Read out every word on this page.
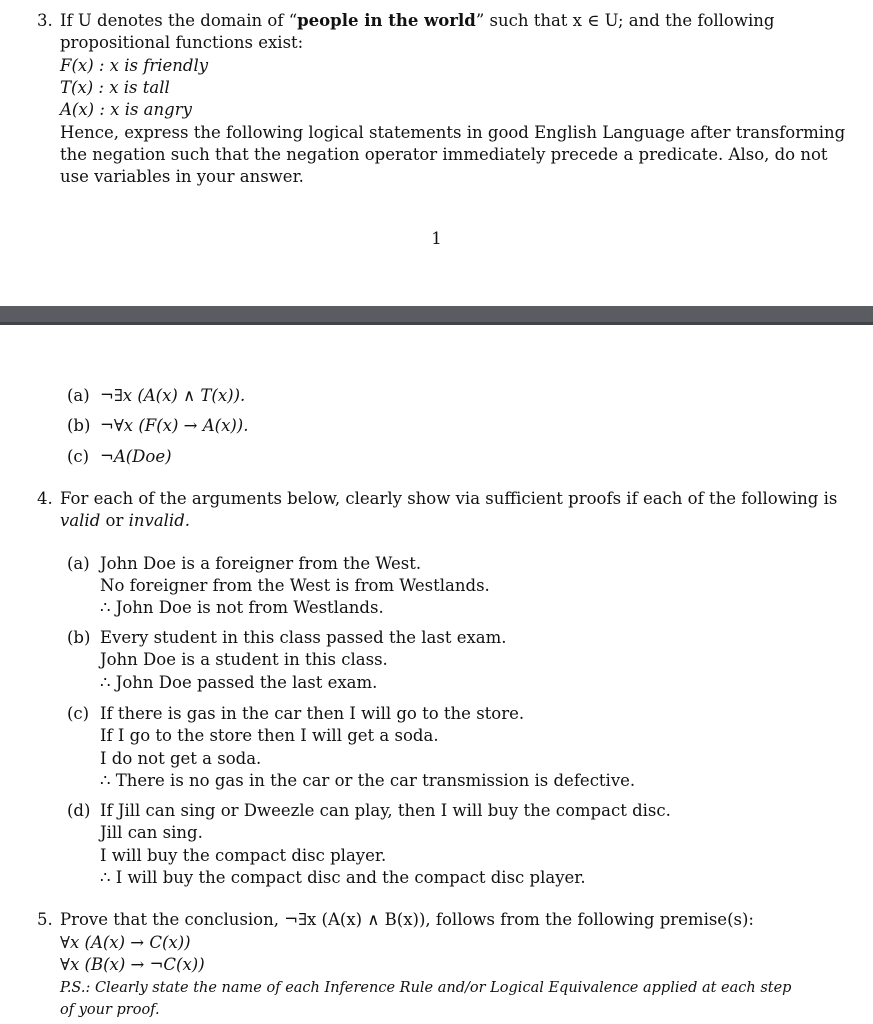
3. If U denotes the domain of “people in the world” such that x ∈ U; and the following
propositional functions exist:
F(x) : x is friendly
T(x) : x is tall
A(x) : x is angry
Hence, express the following logical statements in good English Language after transforming
the negation such that the negation operator immediately precede a predicate. Also, do not
use variables in your answer.
1
(a) ¬∃x (A(x) ∧ T(x)).
(b) ¬∀x (F(x) → A(x)).
(c) ¬A(Doe)
4. For each of the arguments below, clearly show via sufficient proofs if each of the following is
valid or invalid.
(a) John Doe is a foreigner from the West.
No foreigner from the West is from Westlands.
∴ John Doe is not from Westlands.
(b) Every student in this class passed the last exam.
John Doe is a student in this class.
∴ John Doe passed the last exam.
(c) If there is gas in the car then I will go to the store.
If I go to the store then I will get a soda.
I do not get a soda.
∴ There is no gas in the car or the car transmission is defective.
(d) If Jill can sing or Dweezle can play, then I will buy the compact disc.
Jill can sing.
I will buy the compact disc player.
∴ I will buy the compact disc and the compact disc player.
5. Prove that the conclusion, ¬∃x (A(x) ∧ B(x)), follows from the following premise(s):
∀x (A(x) → C(x))
∀x (B(x) → ¬C(x))
P.S.: Clearly state the name of each Inference Rule and/or Logical Equivalence applied at each step
of your proof.
